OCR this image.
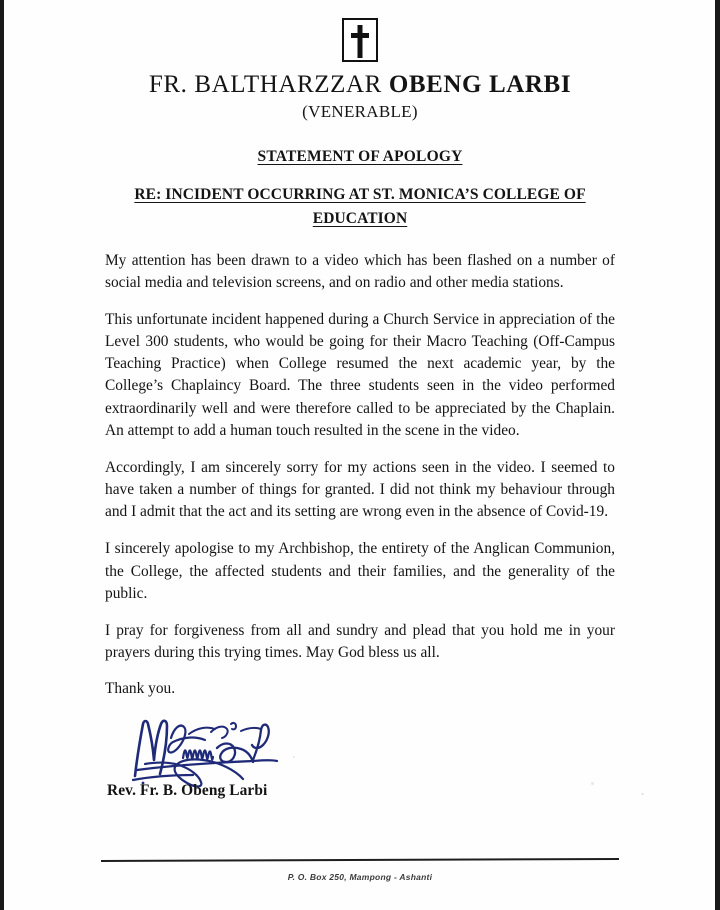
FR. BALTHARZZAR OBENG LARBI
(VENERABLE)
STATEMENT OF APOLOGY
RE: INCIDENT OCCURRING AT ST. MONICA’S COLLEGE OF EDUCATION

My attention has been drawn to a video which has been flashed on a number of social media and television screens, and on radio and other media stations.

This unfortunate incident happened during a Church Service in appreciation of the Level 300 students, who would be going for their Macro Teaching (Off-Campus Teaching Practice) when College resumed the next academic year, by the College’s Chaplaincy Board. The three students seen in the video performed extraordinarily well and were therefore called to be appreciated by the Chaplain. An attempt to add a human touch resulted in the scene in the video.

Accordingly, I am sincerely sorry for my actions seen in the video. I seemed to have taken a number of things for granted. I did not think my behaviour through and I admit that the act and its setting are wrong even in the absence of Covid-19.

I sincerely apologise to my Archbishop, the entirety of the Anglican Communion, the College, the affected students and their families, and the generality of the public.

I pray for forgiveness from all and sundry and plead that you hold me in your prayers during this trying times. May God bless us all.

Thank you.

Rev. Fr. B. Obeng Larbi
P. O. Box 250, Mampong - Ashanti
